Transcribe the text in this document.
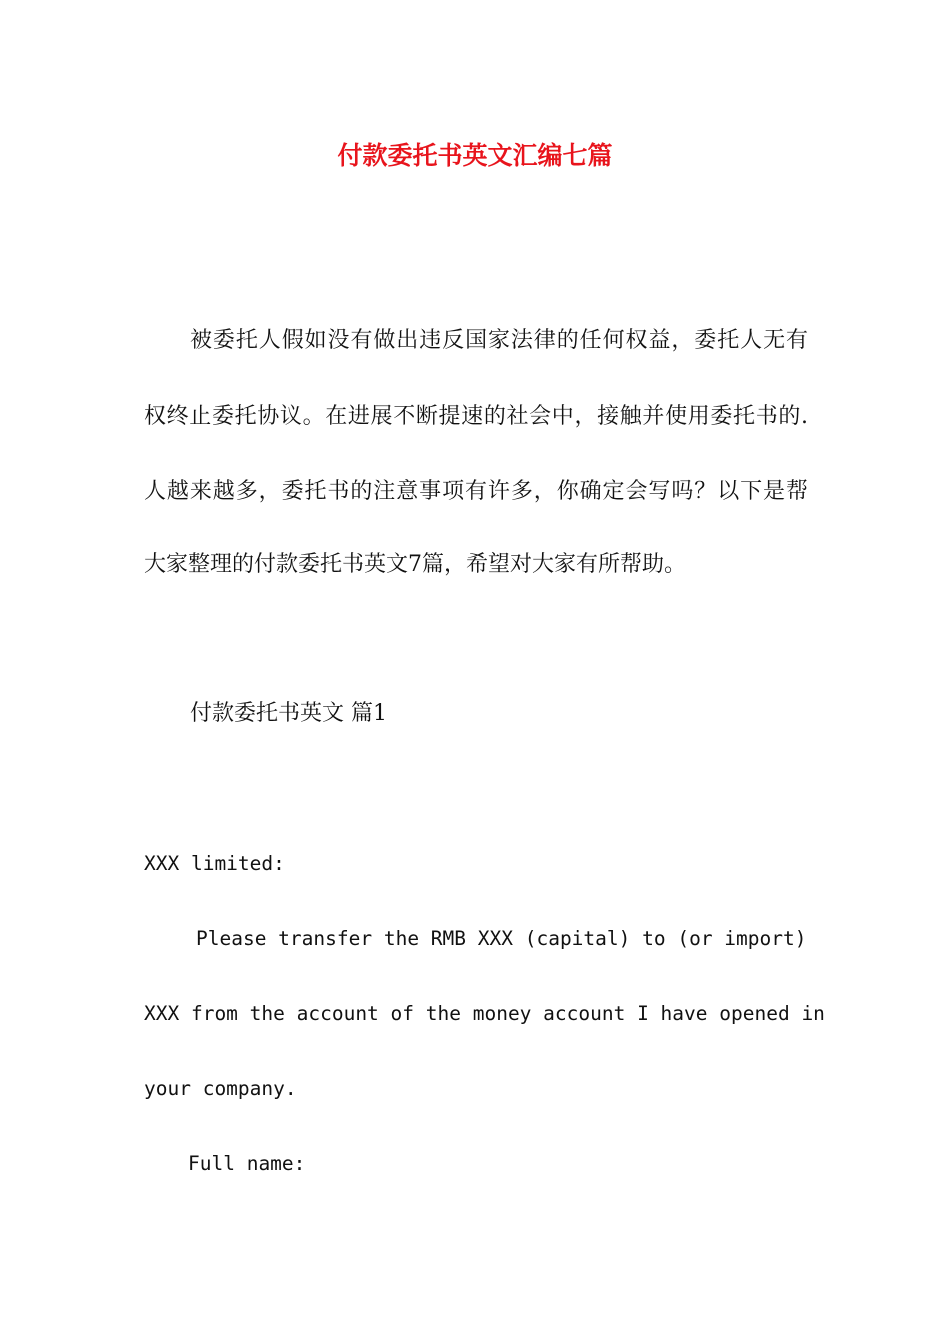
付款委托书英文汇编七篇
被委托人假如没有做出违反国家法律的任何权益，委托人无有
权终止委托协议。在进展不断提速的社会中，接触并使用委托书的.
人越来越多，委托书的注意事项有许多，你确定会写吗？以下是帮
大家整理的付款委托书英文7篇，希望对大家有所帮助。
付款委托书英文 篇1
XXX limited:
Please transfer the RMB XXX (capital) to (or import)
XXX from the account of the money account I have opened in
your company.
Full name:
